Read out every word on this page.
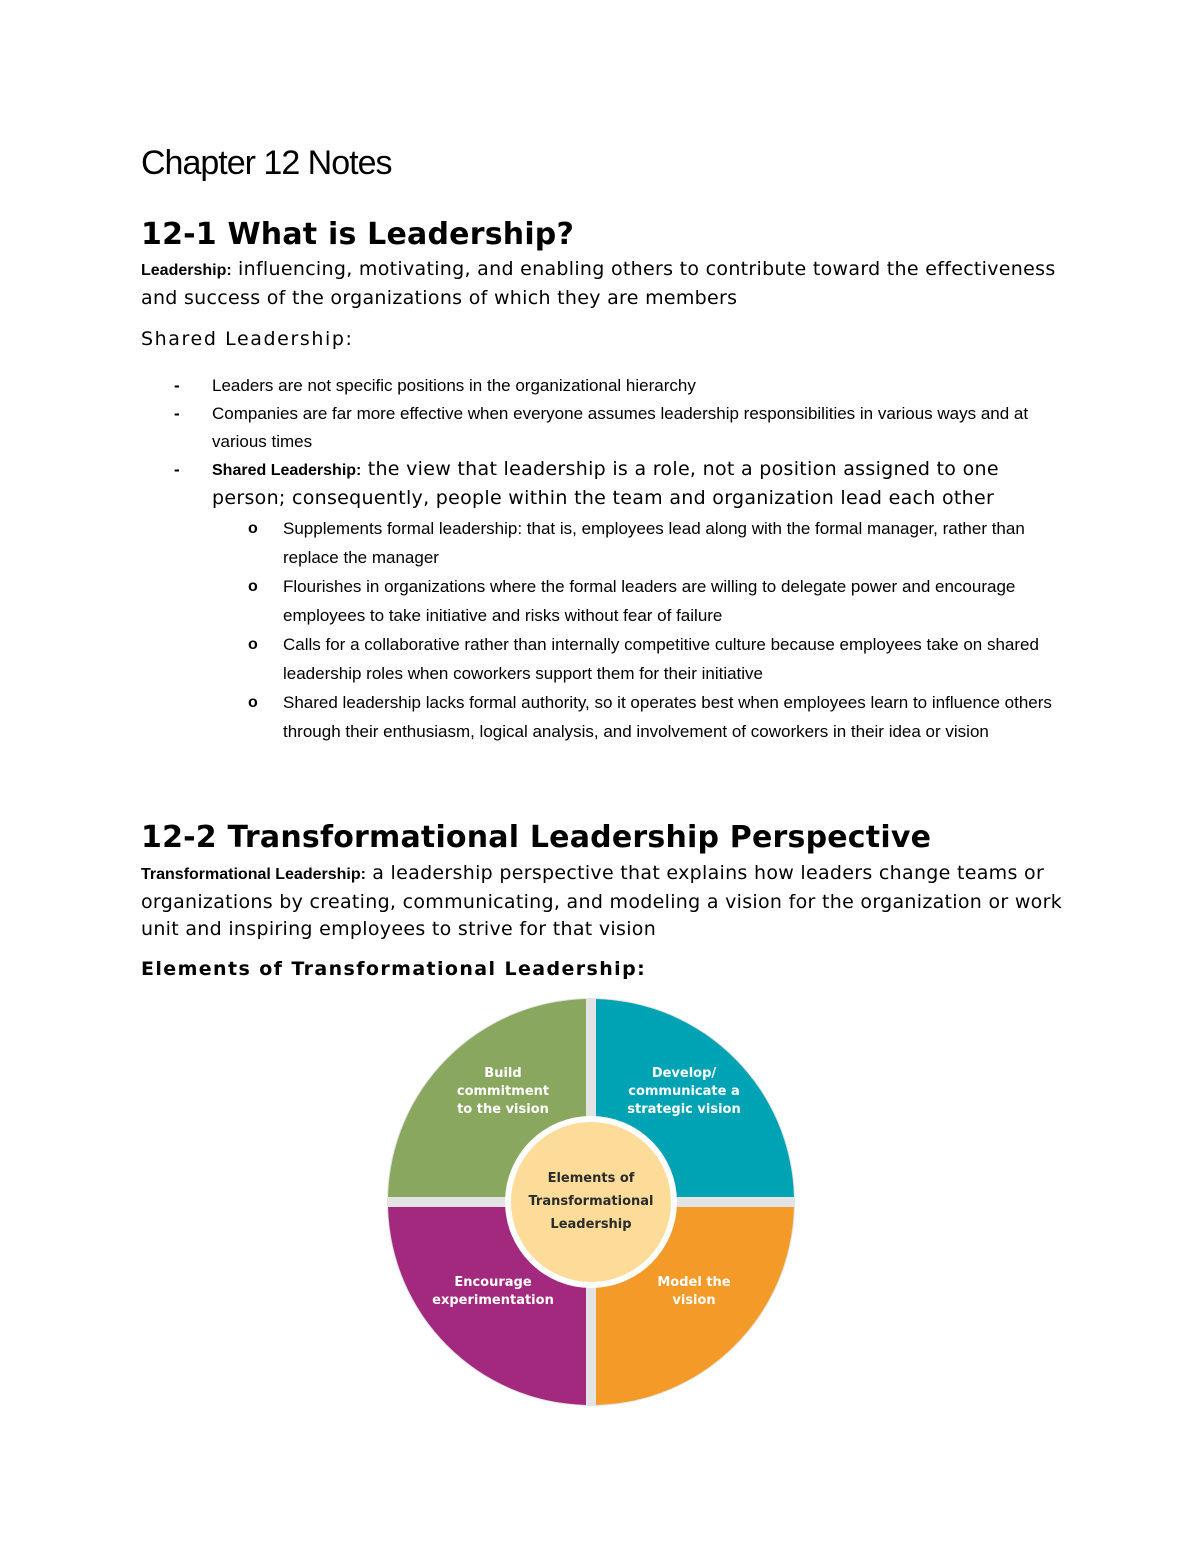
Chapter 12 Notes
12-1 What is Leadership?

Leadership: influencing, motivating, and enabling others to contribute toward the effectiveness and success of the organizations of which they are members

Shared Leadership:
- Leaders are not specific positions in the organizational hierarchy
- Companies are far more effective when everyone assumes leadership responsibilities in various ways and at various times
- Shared Leadership: the view that leadership is a role, not a position assigned to one person; consequently, people within the team and organization lead each other
o Supplements formal leadership: that is, employees lead along with the formal manager, rather than replace the manager
o Flourishes in organizations where the formal leaders are willing to delegate power and encourage employees to take initiative and risks without fear of failure
o Calls for a collaborative rather than internally competitive culture because employees take on shared leadership roles when coworkers support them for their initiative
o Shared leadership lacks formal authority, so it operates best when employees learn to influence others through their enthusiasm, logical analysis, and involvement of coworkers in their idea or vision
12-2 Transformational Leadership Perspective

Transformational Leadership: a leadership perspective that explains how leaders change teams or organizations by creating, communicating, and modeling a vision for the organization or work unit and inspiring employees to strive for that vision

Elements of Transformational Leadership:
Build commitment to the vision
Develop/ communicate a strategic vision
Encourage experimentation
Model the vision
Elements of Transformational Leadership
